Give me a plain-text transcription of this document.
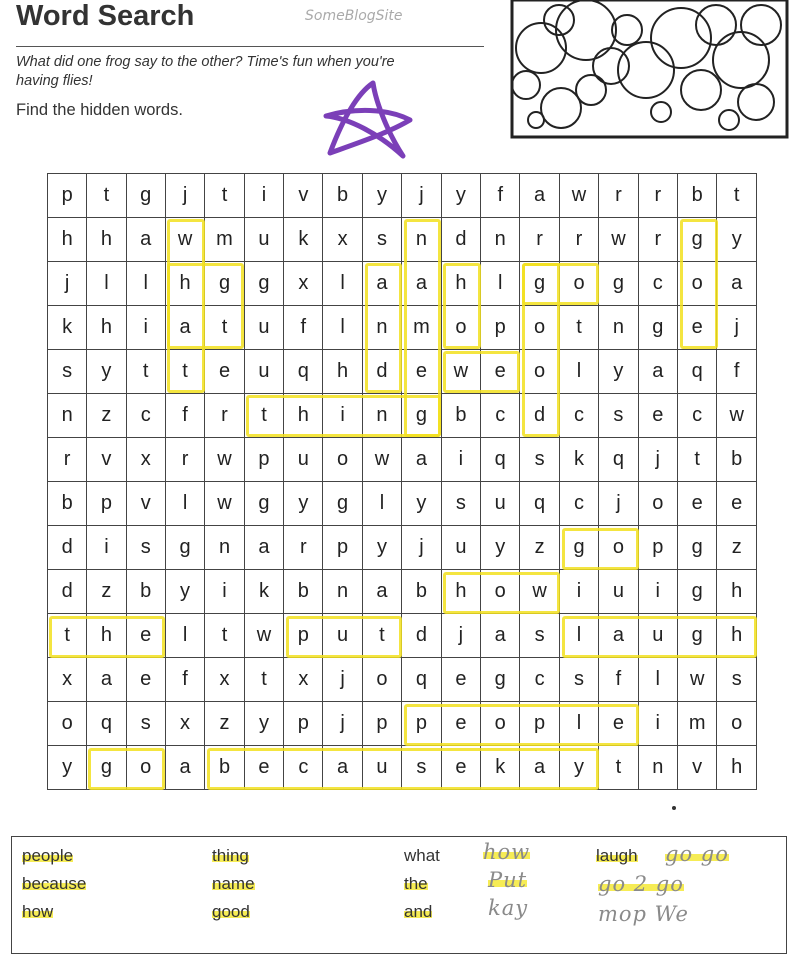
Word Search	SomeBlogSite
What did one frog say to the other? Time's fun when you're having flies!
Find the hidden words.
p	t	g	j	t	i	v	b	y	j	y	f	a	w	r	r	b	t
h	h	a	w	m	u	k	x	s	n	d	n	r	r	w	r	g	y
j	l	l	h	g	g	x	l	a	a	h	l	g	o	g	c	o	a
k	h	i	a	t	u	f	l	n	m	o	p	o	t	n	g	e	j
s	y	t	t	e	u	q	h	d	e	w	e	o	l	y	a	q	f
n	z	c	f	r	t	h	i	n	g	b	c	d	c	s	e	c	w
r	v	x	r	w	p	u	o	w	a	i	q	s	k	q	j	t	b
b	p	v	l	w	g	y	g	l	y	s	u	q	c	j	o	e	e
d	i	s	g	n	a	r	p	y	j	u	y	z	g	o	p	g	z
d	z	b	y	i	k	b	n	a	b	h	o	w	i	u	i	g	h
t	h	e	l	t	w	p	u	t	d	j	a	s	l	a	u	g	h
x	a	e	f	x	t	x	j	o	q	e	g	c	s	f	l	w	s
o	q	s	x	z	y	p	j	p	p	e	o	p	l	e	i	m	o
y	g	o	a	b	e	c	a	u	s	e	k	a	y	t	n	v	h
people
because
how
thing
name
good
what
the
and
laugh
how
Put
kay
go go
go 2 go
mop We
